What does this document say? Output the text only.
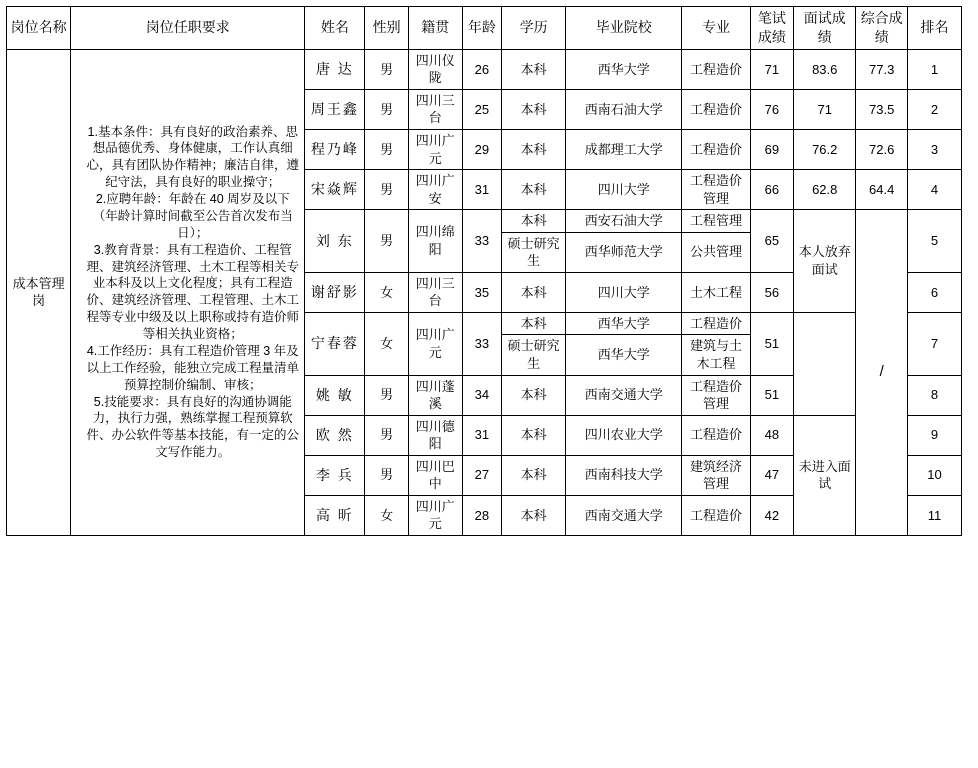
岗位名称	岗位任职要求	姓名	性别	籍贯	年龄	学历	毕业院校	专业	笔试成绩	面试成绩	综合成绩	排名
成本管理岗	1.基本条件：具有良好的政治素养、思想品德优秀、身体健康，工作认真细心，具有团队协作精神；廉洁自律，遵纪守法，具有良好的职业操守；

2.应聘年龄：年龄在 40 周岁及以下（年龄计算时间截至公告首次发布当日）；

3.教育背景：具有工程造价、工程管理、建筑经济管理、土木工程等相关专业本科及以上文化程度；具有工程造价、建筑经济管理、工程管理、土木工程等专业中级及以上职称或持有造价师等相关执业资格；

4.工作经历：具有工程造价管理 3 年及以上工作经验，能独立完成工程量清单预算控制价编制、审核；

5.技能要求：具有良好的沟通协调能力，执行力强，熟练掌握工程预算软件、办公软件等基本技能，有一定的公文写作能力。	唐 达	男	四川仪陇	26	本科	西华大学	工程造价	71	83.6	77.3	1
		周王鑫	男	四川三台	25	本科	西南石油大学	工程造价	76	71	73.5	2
		程乃峰	男	四川广元	29	本科	成都理工大学	工程造价	69	76.2	72.6	3
		宋焱辉	男	四川广安	31	本科	四川大学	工程造价管理	66	62.8	64.4	4
		刘 东	男	四川绵阳	33	本科	西安石油大学	工程管理	65	本人放弃面试	/	5
						硕士研究生	西华师范大学	公共管理				
		谢舒影	女	四川三台	35	本科	四川大学	土木工程	56			6
		宁春蓉	女	四川广元	33	本科	西华大学	工程造价	51			7
						硕士研究生	西华大学	建筑与土木工程				
		姚 敏	男	四川蓬溪	34	本科	西南交通大学	工程造价管理	51			8
		欧 然	男	四川德阳	31	本科	四川农业大学	工程造价	48	未进入面试		9
		李 兵	男	四川巴中	27	本科	西南科技大学	建筑经济管理	47			10
		高 昕	女	四川广元	28	本科	西南交通大学	工程造价	42			11
